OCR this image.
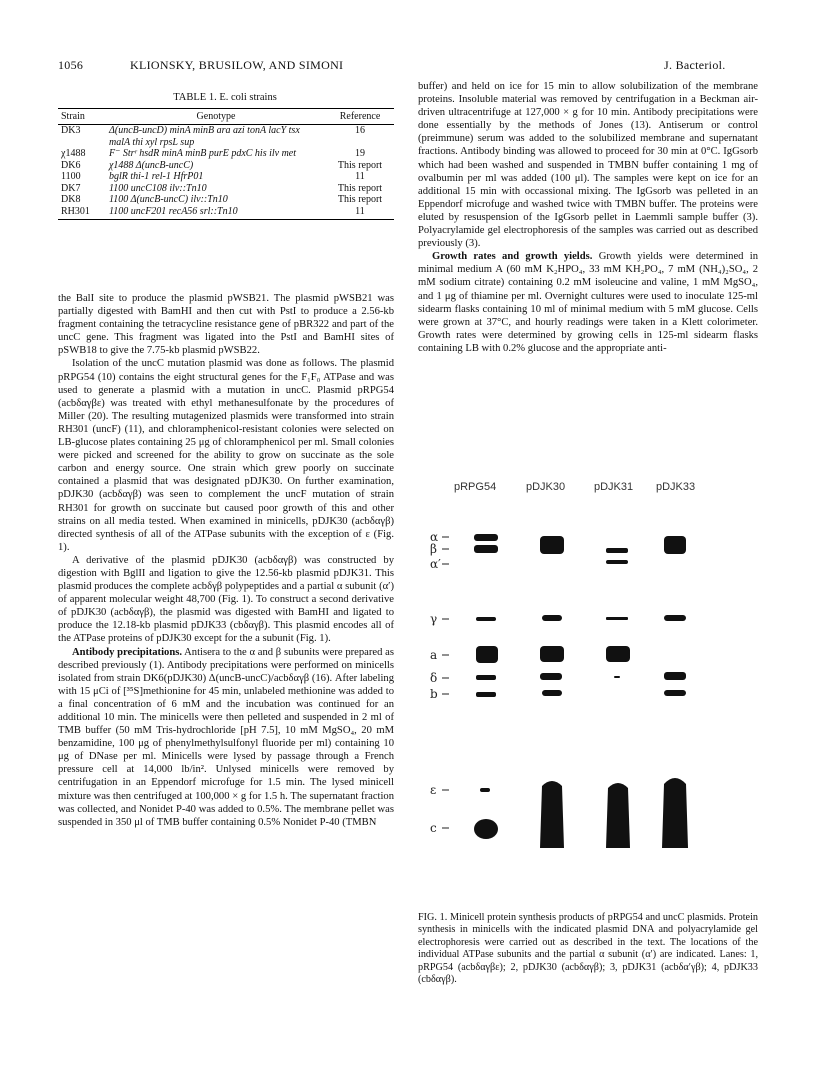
1056	KLIONSKY, BRUSILOW, AND SIMONI	J. Bacteriol.
TABLE 1. E. coli strains
Strain	Genotype	Reference
DK3	Δ(uncB-uncD) minA minB ara azi tonA lacY tsx malA thi xyl rpsL sup	16
χ1488	F⁻ Strʳ hsdR minA minB purE pdxC his ilv met	19
DK6	χ1488 Δ(uncB-uncC)	This report
1100	bglR thi-1 rel-1 HfrP01	11
DK7	1100 uncC108 ilv::Tn10	This report
DK8	1100 Δ(uncB-uncC) ilv::Tn10	This report
RH301	1100 uncF201 recA56 srl::Tn10	11

the BalI site to produce the plasmid pWSB21. The plasmid pWSB21 was partially digested with BamHI and then cut with PstI to produce a 2.56-kb fragment containing the tetracycline resistance gene of pBR322 and part of the uncC gene. This fragment was ligated into the PstI and BamHI sites of pSWB18 to give the 7.75-kb plasmid pWSB22.

Isolation of the uncC mutation plasmid was done as follows. The plasmid pRPG54 (10) contains the eight structural genes for the F₁F₀ ATPase and was used to generate a plasmid with a mutation in uncC. Plasmid pRPG54 (acbδαγβε) was treated with ethyl methanesulfonate by the procedures of Miller (20). The resulting mutagenized plasmids were transformed into strain RH301 (uncF) (11), and chloramphenicol-resistant colonies were selected on LB-glucose plates containing 25 μg of chloramphenicol per ml. Small colonies were picked and screened for the ability to grow on succinate as the sole carbon and energy source. One strain which grew poorly on succinate contained a plasmid that was designated pDJK30. On further examination, pDJK30 (acbδαγβ) was seen to complement the uncF mutation of strain RH301 for growth on succinate but caused poor growth of this and other strains on all media tested. When examined in minicells, pDJK30 (acbδαγβ) directed synthesis of all of the ATPase subunits with the exception of ε (Fig. 1).

A derivative of the plasmid pDJK30 (acbδαγβ) was constructed by digestion with BglII and ligation to give the 12.56-kb plasmid pDJK31. This plasmid produces the complete acbδγβ polypeptides and a partial α subunit (α′) of apparent molecular weight 48,700 (Fig. 1). To construct a second derivative of pDJK30 (acbδαγβ), the plasmid was digested with BamHI and ligated to produce the 12.18-kb plasmid pDJK33 (cbδαγβ). This plasmid encodes all of the ATPase proteins of pDJK30 except for the a subunit (Fig. 1).

Antibody precipitations. Antisera to the α and β subunits were prepared as described previously (1). Antibody precipitations were performed on minicells isolated from strain DK6(pDJK30) Δ(uncB-uncC)/acbδαγβ (16). After labeling with 15 μCi of [³⁵S]methionine for 45 min, unlabeled methionine was added to a final concentration of 6 mM and the incubation was continued for an additional 10 min. The minicells were then pelleted and suspended in 2 ml of TMB buffer (50 mM Tris-hydrochloride [pH 7.5], 10 mM MgSO₄, 20 mM benzamidine, 100 μg of phenylmethylsulfonyl fluoride per ml) containing 10 μg of DNase per ml. Minicells were lysed by passage through a French pressure cell at 14,000 lb/in². Unlysed minicells were removed by centrifugation in an Eppendorf microfuge for 1.5 min. The lysed minicell mixture was then centrifuged at 100,000 × g for 1.5 h. The supernatant fraction was collected, and Nonidet P-40 was added to 0.5%. The membrane pellet was suspended in 350 μl of TMB buffer containing 0.5% Nonidet P-40 (TMBN

buffer) and held on ice for 15 min to allow solubilization of the membrane proteins. Insoluble material was removed by centrifugation in a Beckman air-driven ultracentrifuge at 127,000 × g for 10 min. Antibody precipitations were done essentially by the methods of Jones (13). Antiserum or control (preimmune) serum was added to the solubilized membrane and supernatant fractions. Antibody binding was allowed to proceed for 30 min at 0°C. IgGsorb which had been washed and suspended in TMBN buffer containing 1 mg of ovalbumin per ml was added (100 μl). The samples were kept on ice for an additional 15 min with occassional mixing. The IgGsorb was pelleted in an Eppendorf microfuge and washed twice with TMBN buffer. The proteins were eluted by resuspension of the IgGsorb pellet in Laemmli sample buffer (3). Polyacrylamide gel electrophoresis of the samples was carried out as described previously (3).

Growth rates and growth yields. Growth yields were determined in minimal medium A (60 mM K₂HPO₄, 33 mM KH₂PO₄, 7 mM (NH₄)₂SO₄, 2 mM sodium citrate) containing 0.2 mM isoleucine and valine, 1 mM MgSO₄, and 1 μg of thiamine per ml. Overnight cultures were used to inoculate 125-ml sidearm flasks containing 10 ml of minimal medium with 5 mM glucose. Cells were grown at 37°C, and hourly readings were taken in a Klett colorimeter. Growth rates were determined by growing cells in 125-ml sidearm flasks containing LB with 0.2% glucose and the appropriate anti-

pRPG54	pDJK30	pDJK31 pDJK33
α
β
α′
γ
a
δ
b
ε
c
FIG. 1. Minicell protein synthesis products of pRPG54 and uncC plasmids. Protein synthesis in minicells with the indicated plasmid DNA and polyacrylamide gel electrophoresis were carried out as described in the text. The locations of the individual ATPase subunits and the partial α subunit (α′) are indicated. Lanes: 1, pRPG54 (acbδαγβε); 2, pDJK30 (acbδαγβ); 3, pDJK31 (acbδα′γβ); 4, pDJK33 (cbδαγβ).
